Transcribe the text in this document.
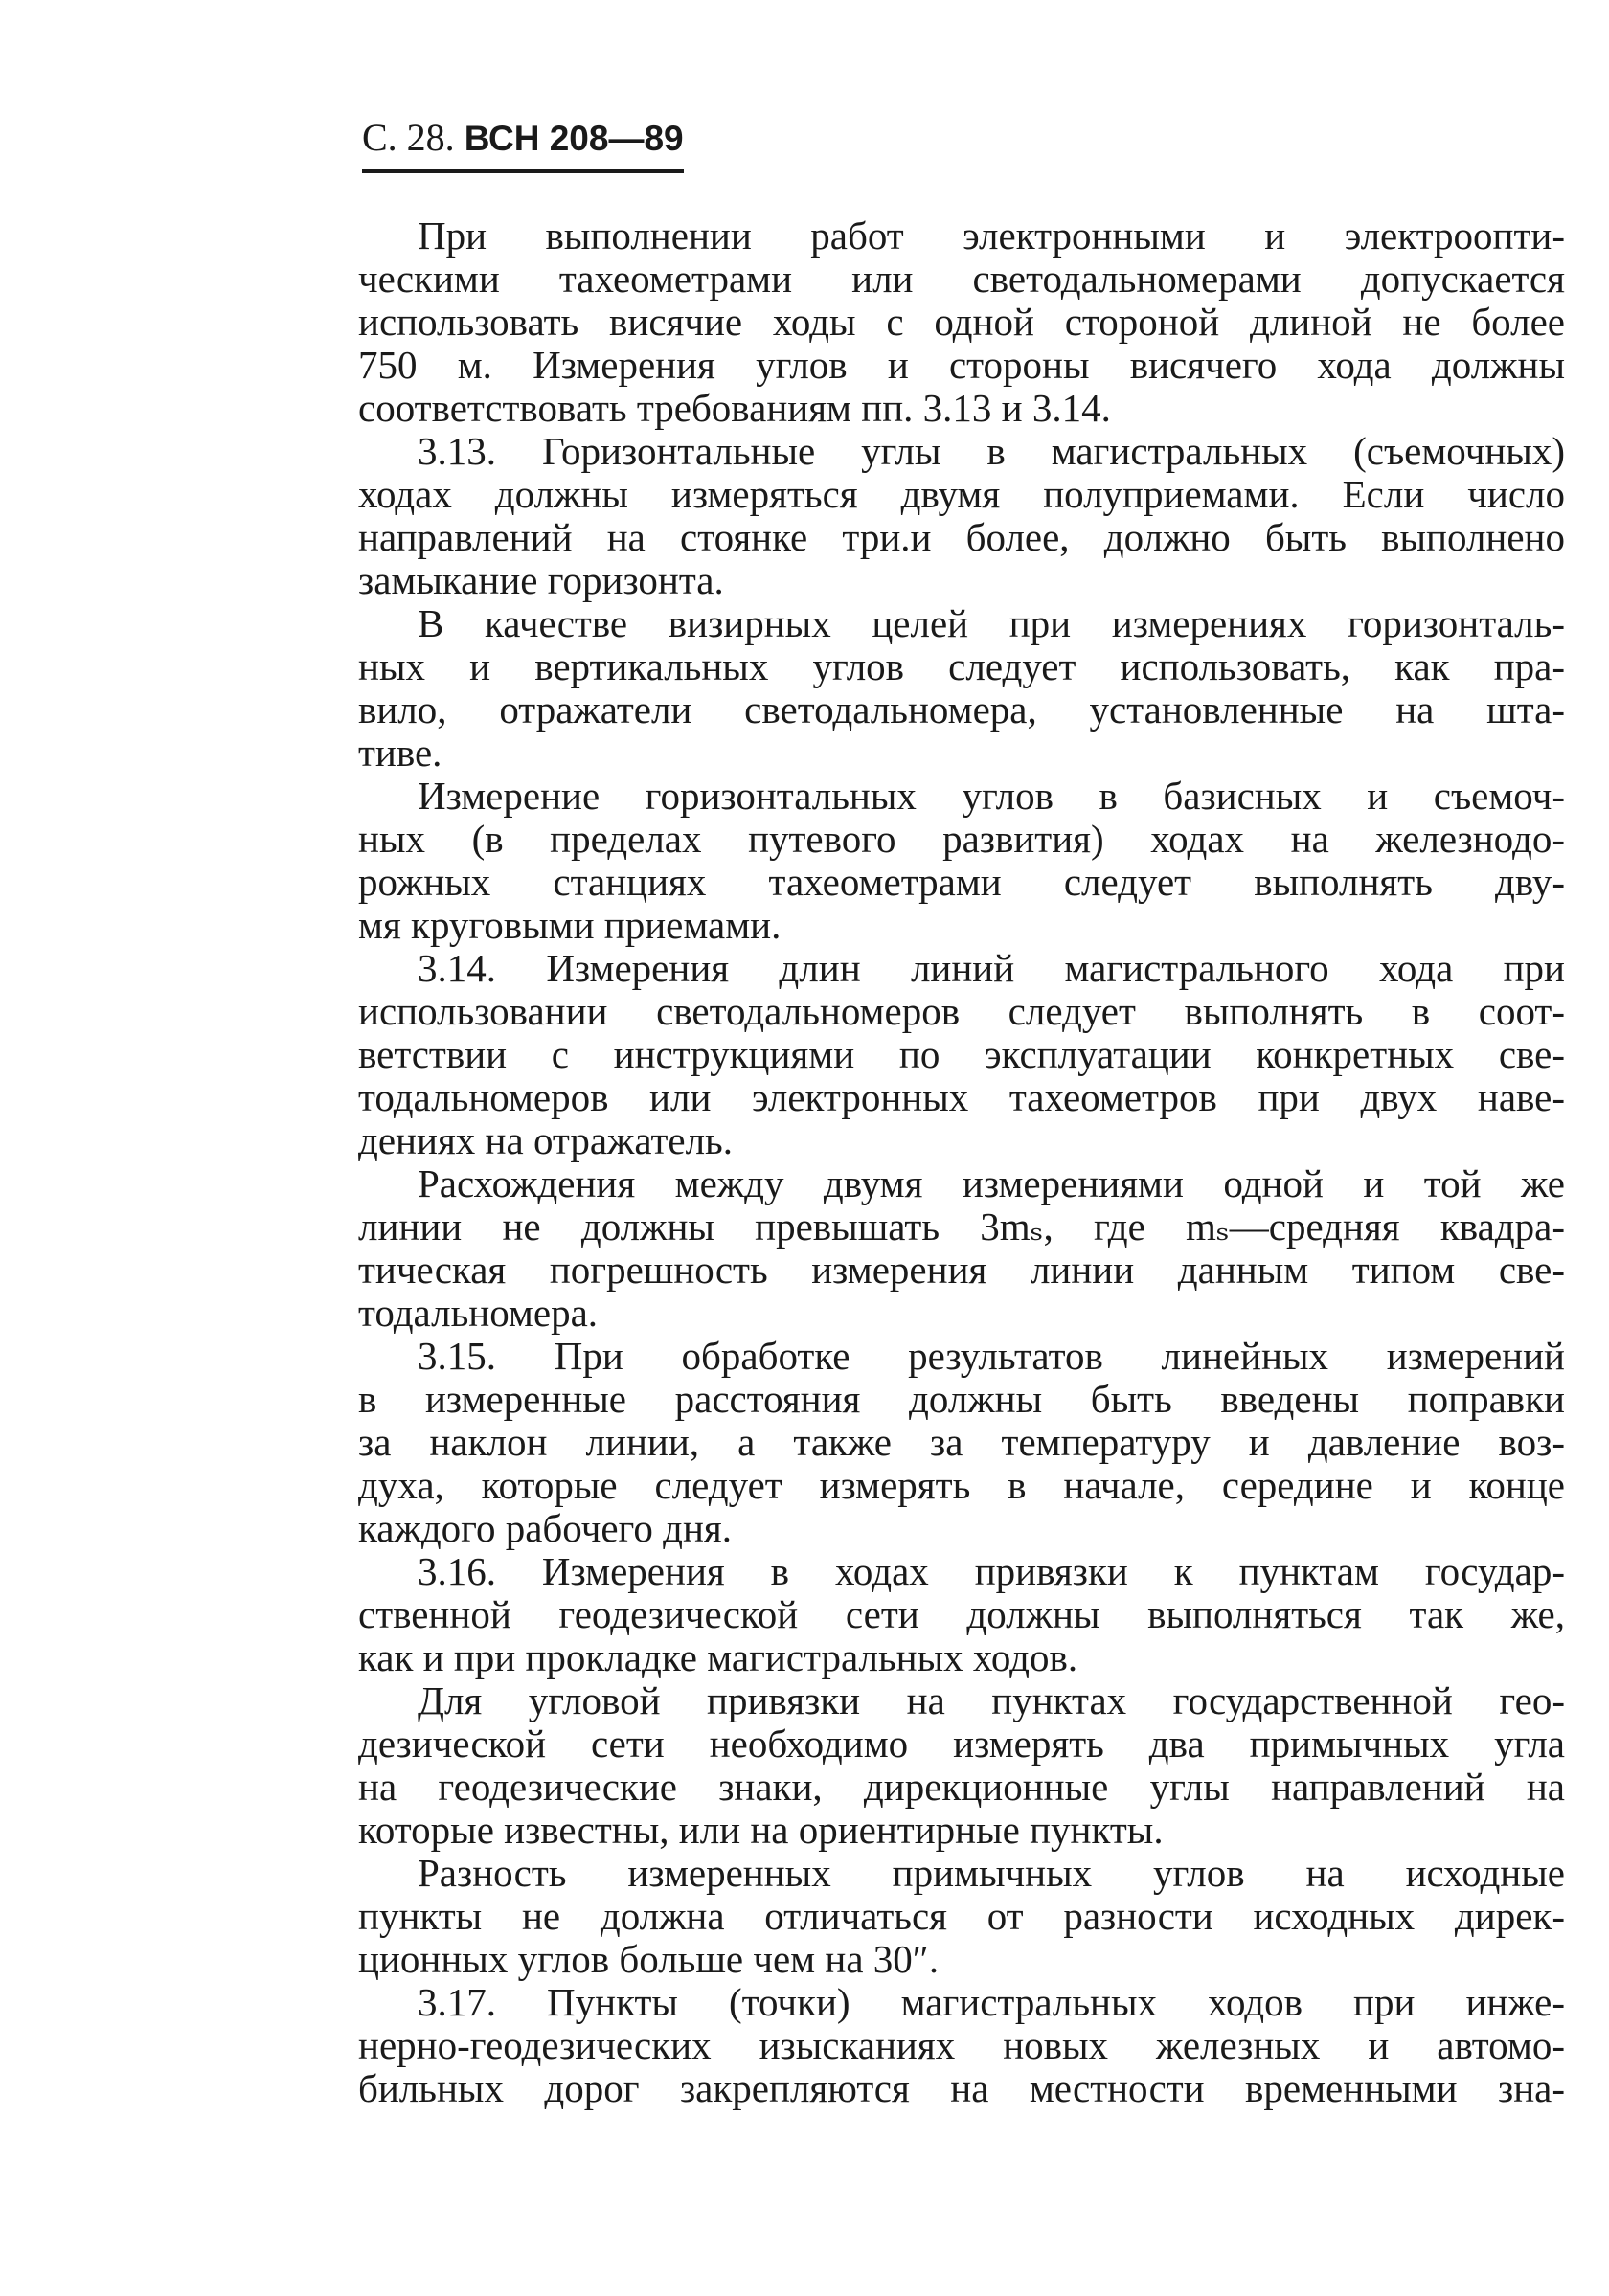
С. 28. ВСН 208—89
При выполнении работ электронными и электроопти-
ческими тахеометрами или светодальномерами допускается
использовать висячие ходы с одной стороной длиной не более
750 м. Измерения углов и стороны висячего хода должны
соответствовать требованиям пп. 3.13 и 3.14.
3.13. Горизонтальные углы в магистральных (съемочных)
ходах должны измеряться двумя полуприемами. Если число
направлений на стоянке три.и более, должно быть выполнено
замыкание горизонта.
В качестве визирных целей при измерениях горизонталь-
ных и вертикальных углов следует использовать, как пра-
вило, отражатели светодальномера, установленные на шта-
тиве.
Измерение горизонтальных углов в базисных и съемоч-
ных (в пределах путевого развития) ходах на железнодо-
рожных станциях тахеометрами следует выполнять дву-
мя круговыми приемами.
3.14. Измерения длин линий магистрального хода при
использовании светодальномеров следует выполнять в соот-
ветствии с инструкциями по эксплуатации конкретных све-
тодальномеров или электронных тахеометров при двух наве-
дениях на отражатель.
Расхождения между двумя измерениями одной и той же
линии не должны превышать 3mₛ, где mₛ—средняя квадра-
тическая погрешность измерения линии данным типом све-
тодальномера.
3.15. При обработке результатов линейных измерений
в измеренные расстояния должны быть введены поправки
за наклон линии, а также за температуру и давление воз-
духа, которые следует измерять в начале, середине и конце
каждого рабочего дня.
3.16. Измерения в ходах привязки к пунктам государ-
ственной геодезической сети должны выполняться так же,
как и при прокладке магистральных ходов.
Для угловой привязки на пунктах государственной гео-
дезической сети необходимо измерять два примычных угла
на геодезические знаки, дирекционные углы направлений на
которые известны, или на ориентирные пункты.
Разность измеренных примычных углов на исходные
пункты не должна отличаться от разности исходных дирек-
ционных углов больше чем на 30″.
3.17. Пункты (точки) магистральных ходов при инже-
нерно-геодезических изысканиях новых железных и автомо-
бильных дорог закрепляются на местности временными зна-
